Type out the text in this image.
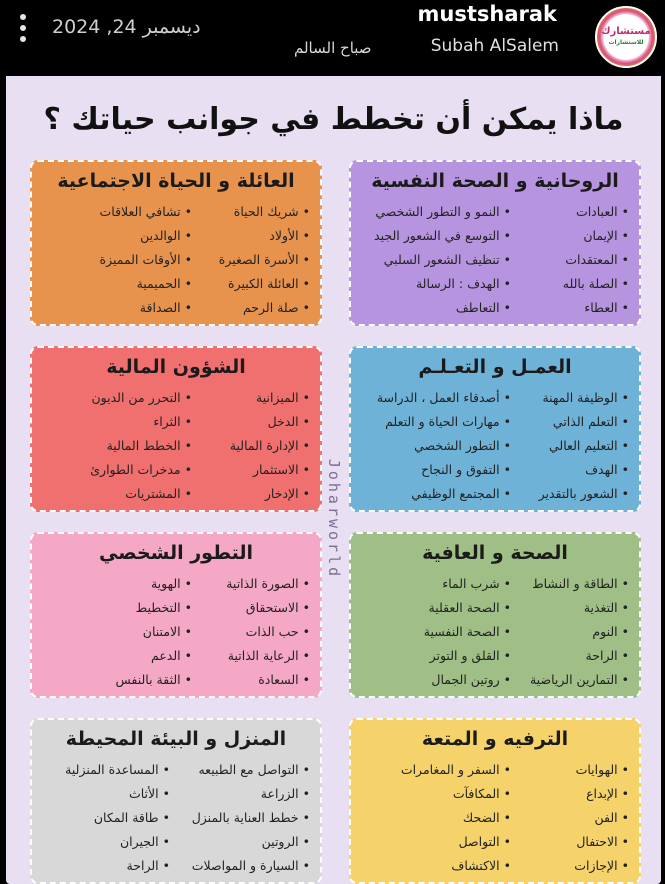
ديسمبر 24, 2024
صباح السالم
mustsharak
Subah AlSalem
مستشارك
للاستشارات
ماذا يمكن أن تخطط في جوانب حياتك ؟
Joharworld
الروحانية و الصحة النفسية
• العبادات
• الإيمان
• المعتقدات
• الصلة بالله
• العطاء
• النمو و التطور الشخصي
• التوسع في الشعور الجيد
• تنظيف الشعور السلبي
• الهدف : الرسالة
• التعاطف
العائلة و الحياة الاجتماعية
• شريك الحياة
• الأولاد
• الأسرة الصغيرة
• العائلة الكبيرة
• صلة الرحم
• تشافي العلاقات
• الوالدين
• الأوقات المميزة
• الحميمية
• الصداقة
العمـل و التعـلـم
• الوظيفة المهنة
• التعلم الذاتي
• التعليم العالي
• الهدف
• الشعور بالتقدير
• أصدقاء العمل ، الدراسة
• مهارات الحياة و التعلم
• التطور الشخصي
• التفوق و النجاح
• المجتمع الوظيفي
الشؤون المالية
• الميزانية
• الدخل
• الإدارة المالية
• الاستثمار
• الإدخار
• التحرر من الديون
• الثراء
• الخطط المالية
• مدخرات الطوارئ
• المشتريات
الصحة و العافية
• الطاقة و النشاط
• التغذية
• النوم
• الراحة
• التمارين الرياضية
• شرب الماء
• الصحة العقلية
• الصحة النفسية
• القلق و التوتر
• روتين الجمال
التطور الشخصي
• الصورة الذاتية
• الاستحقاق
• حب الذات
• الرعاية الذاتية
• السعادة
• الهوية
• التخطيط
• الامتنان
• الدعم
• الثقة بالنفس
الترفيه و المتعة
• الهوايات
• الإبداع
• الفن
• الاحتفال
• الإجازات
• السفر و المغامرات
• المكافآت
• الضحك
• التواصل
• الاكتشاف
المنزل و البيئة المحيطة
• التواصل مع الطبيعه
• الزراعة
• خطط العناية بالمنزل
• الروتين
• السيارة و المواصلات
• المساعدة المنزلية
• الأثاث
• طاقة المكان
• الجيران
• الراحة
